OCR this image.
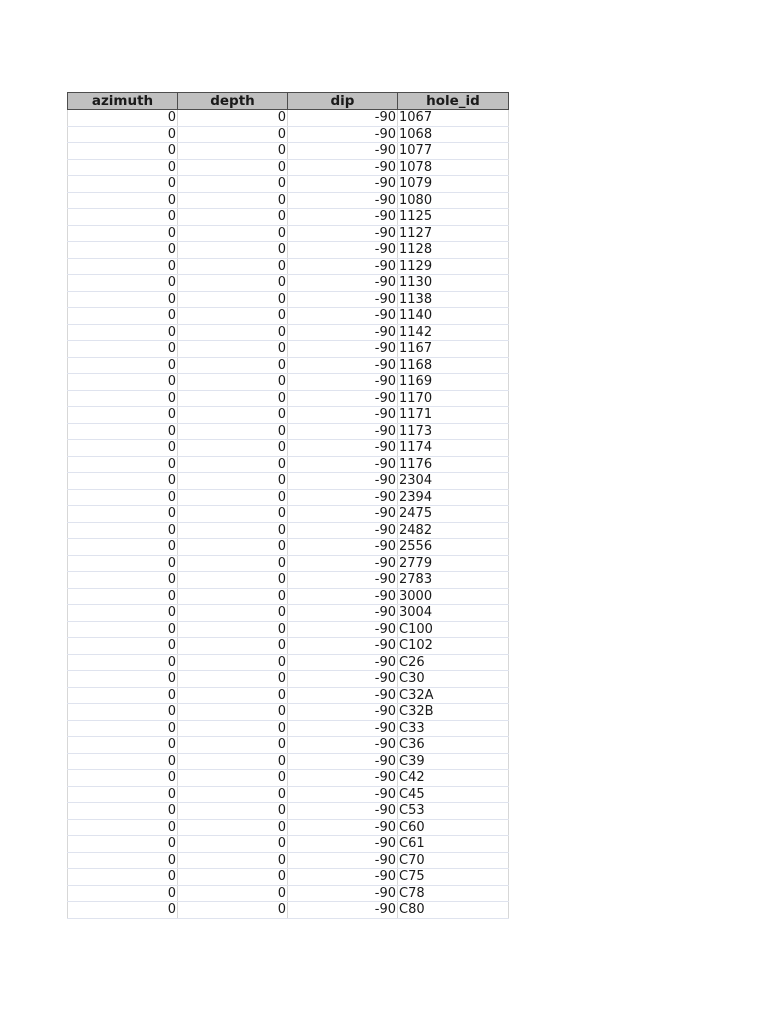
azimuth	depth	dip	hole_id
0	0	-90	1067
0	0	-90	1068
0	0	-90	1077
0	0	-90	1078
0	0	-90	1079
0	0	-90	1080
0	0	-90	1125
0	0	-90	1127
0	0	-90	1128
0	0	-90	1129
0	0	-90	1130
0	0	-90	1138
0	0	-90	1140
0	0	-90	1142
0	0	-90	1167
0	0	-90	1168
0	0	-90	1169
0	0	-90	1170
0	0	-90	1171
0	0	-90	1173
0	0	-90	1174
0	0	-90	1176
0	0	-90	2304
0	0	-90	2394
0	0	-90	2475
0	0	-90	2482
0	0	-90	2556
0	0	-90	2779
0	0	-90	2783
0	0	-90	3000
0	0	-90	3004
0	0	-90	C100
0	0	-90	C102
0	0	-90	C26
0	0	-90	C30
0	0	-90	C32A
0	0	-90	C32B
0	0	-90	C33
0	0	-90	C36
0	0	-90	C39
0	0	-90	C42
0	0	-90	C45
0	0	-90	C53
0	0	-90	C60
0	0	-90	C61
0	0	-90	C70
0	0	-90	C75
0	0	-90	C78
0	0	-90	C80
